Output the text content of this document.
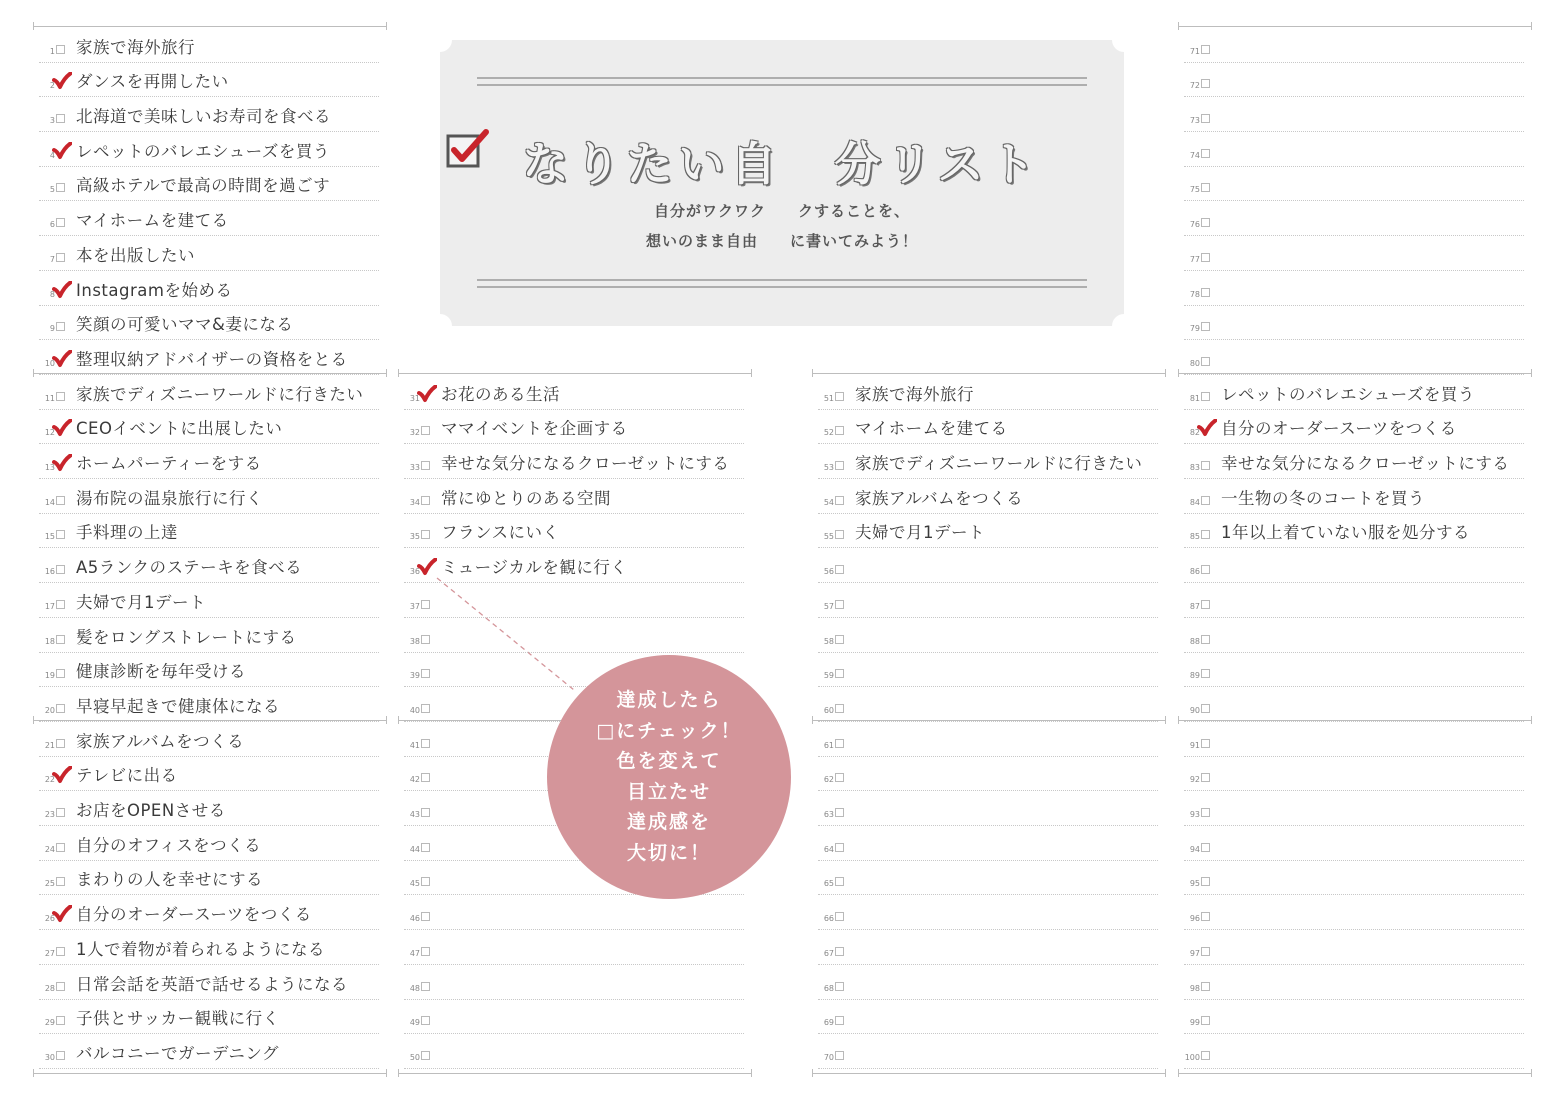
なりたい自　分リスト
自分がワクワク　　クすることを、
想いのまま自由　　に書いてみよう！
1 家族で海外旅行
2 ダンスを再開したい
3 北海道で美味しいお寿司を食べる
4 レペットのバレエシューズを買う
5 高級ホテルで最高の時間を過ごす
6 マイホームを建てる
7 本を出版したい
8 Instagramを始める
9 笑顔の可愛いママ&妻になる
10 整理収納アドバイザーの資格をとる
11 家族でディズニーワールドに行きたい
12 CEOイベントに出展したい
13 ホームパーティーをする
14 湯布院の温泉旅行に行く
15 手料理の上達
16 A5ランクのステーキを食べる
17 夫婦で月1デート
18 髪をロングストレートにする
19 健康診断を毎年受ける
20 早寝早起きで健康体になる
21 家族アルバムをつくる
22 テレビに出る
23 お店をOPENさせる
24 自分のオフィスをつくる
25 まわりの人を幸せにする
26 自分のオーダースーツをつくる
27 1人で着物が着られるようになる
28 日常会話を英語で話せるようになる
29 子供とサッカー観戦に行く
30 バルコニーでガーデニング
31 お花のある生活
32 ママイベントを企画する
33 幸せな気分になるクローゼットにする
34 常にゆとりのある空間
35 フランスにいく
36 ミュージカルを観に行く
37
38
39
40
41
42
43
44
45
46
47
48
49
50
51 家族で海外旅行
52 マイホームを建てる
53 家族でディズニーワールドに行きたい
54 家族アルバムをつくる
55 夫婦で月1デート
56
57
58
59
60
61
62
63
64
65
66
67
68
69
70
71
72
73
74
75
76
77
78
79
80
81 レペットのバレエシューズを買う
82 自分のオーダースーツをつくる
83 幸せな気分になるクローゼットにする
84 一生物の冬のコートを買う
85 1年以上着ていない服を処分する
86
87
88
89
90
91
92
93
94
95
96
97
98
99
100
達成したら
□にチェック！
色を変えて
目立たせ
達成感を
大切に！
